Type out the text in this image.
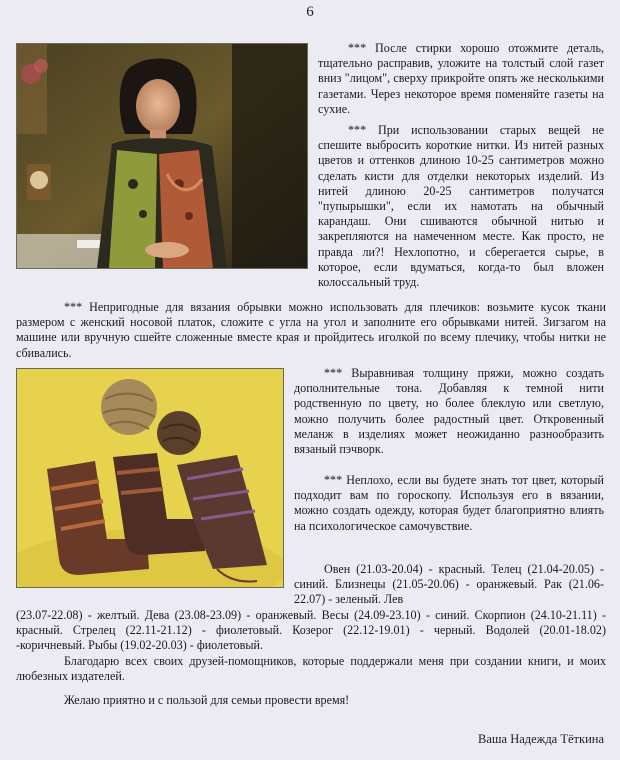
6

*** После стирки хорошо отожмите деталь, тщательно расправив, уложите на толстый слой газет вниз "лицом", сверху прикройте опять же несколькими газетами. Через некоторое время поменяйте газеты на сухие.

*** При использовании старых вещей не спешите выбросить короткие нитки. Из нитей разных цветов и оттенков длиною 10-25 сантиметров можно сделать кисти для отделки некоторых изделий. Из нитей длиною 20-25 сантиметров получатся "пупырышки", если их намотать на обычный карандаш. Они сшиваются обычной нитью и закрепляются на намеченном месте. Как просто, не правда ли?! Нехлопотно, и сберегается сырье, в которое, если вдуматься, когда-то был вложен колоссальный труд.

*** Непригодные для вязания обрывки можно использовать для плечиков: возьмите кусок ткани размером с женский носовой платок, сложите с угла на угол и заполните его обрывками нитей. Зигзагом на машине или вручную сшейте сложенные вместе края и пройдитесь иголкой по всему плечику, чтобы нитки не сбивались.

*** Выравнивая толщину пряжи, можно создать дополнительные тона. Добавляя к темной нити родственную по цвету, но более блеклую или светлую, можно получить более радостный цвет. Откровенный меланж в изделиях может неожиданно разнообразить вязаный пэчворк.

*** Неплохо, если вы будете знать тот цвет, который подходит вам по гороскопу. Используя его в вязании, можно создать одежду, которая будет благоприятно влиять на психологическое самочувствие.

Овен (21.03-20.04) - красный. Телец (21.04-20.05) - синий. Близнецы (21.05-20.06) - оранжевый. Рак (21.06-22.07) - зеленый. Лев

(23.07-22.08) - желтый. Дева (23.08-23.09) - оранжевый. Весы (24.09-23.10) - синий. Скорпион (24.10-21.11) - красный. Стрелец (22.11-21.12) - фиолетовый. Козерог (22.12-19.01) - черный. Водолей (20.01-18.02) -коричневый. Рыбы (19.02-20.03) - фиолетовый.

Благодарю всех своих друзей-помощников, которые поддержали меня при создании книги, и моих любезных издателей.

Желаю приятно и с пользой для семьи провести время!

Ваша Надежда Тёткина
